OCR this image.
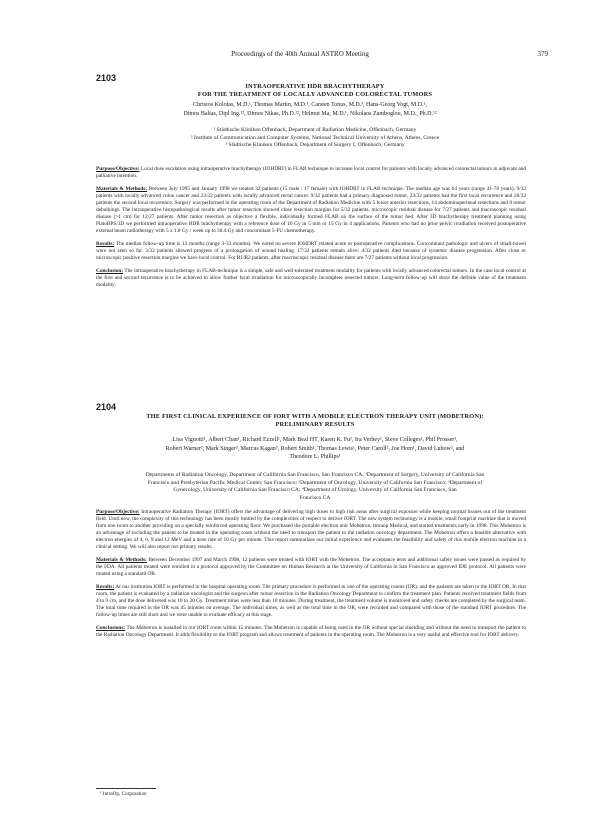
Proceedings of the 40th Annual ASTRO Meeting	379
2103
INTRAOPERATIVE HDR BRACHYTHERAPY
FOR THE TREATMENT OF LOCALLY ADVANCED COLORECTAL TUMORS
Christos Kolotas, M.D.¹, Thomas Martin, M.D.¹, Carsten Tonus, M.D.³, Hans-Georg Vogt, M.D.¹,
Dimos Baltas, Dipl Ing.¹², Dimos Nikas, Ph.D.¹², Helmut Ma, M.D.¹, Nikolaos Zamboglou, M.D., Ph.D.¹²
¹ Städtische Kliniken Offenbach, Department of Radiation Medicine, Offenbach, Germany
² Institute of Communication and Computer Systems, National Technical University of Athens, Athens, Greece
³ Städtische Kliniken Offenbach, Department of Surgery I, Offenbach, Germany

Purpose/Objective: Local dose escalation using intraoperative brachytherapy (IOHDRT) in FLAB technique to increase local control for patients with locally advanced colorectal tumors in adjuvant and palliative intention.

Materials & Methods: Between July 1995 and January 1998 we treated 32 patients (15 male / 17 female) with IOHDRT in FLAB technique. The median age was 64 years (range 41-78 years). 9/32 patients with locally advanced colon cancer and 23/32 patients with locally advanced rectal cancer. 9/32 patients had a primary diagnosed tumor, 23/32 patients had the first local recurrence and 20/32 patients the second local recurrence. Surgery was performed in the operating room of the Department of Radiation Medicine with 5 lower anterior resections, 14 abdominoperineal resections and 8 tumor debulkings. The intraoperative histopathological results after tumor resection showed close resection margins for 5/32 patients, microscopic residual disease for 7/27 patients and macroscopic residual disease (>1 cm) for 12/27 patients. After tumor resection as objective a flexible, individually formed FLAB on the surface of the tumor bed. After 3D brachytherapy treatment planning using PlatoBPS/3D we performed intraoperative HDR brachytherapy with a reference dose of 10 Gy in 5 mm or 15 Gy in 4 applications. Patients who had no prior pelvic irradiation received postoperative external beam radiotherapy with 5 x 1.8 Gy / week up to 30.4 Gy and concomitant 5-FU chemotherapy.

Results: The median follow-up time is 12 months (range 3-33 months). We noted no severe IOHDRT related acute or postoperative complications. Concomitant pathologic and ulcers of small-bowel were not seen so far. 3/32 patients showed progress of a prolongation of wound healing. 17/32 patients remain alive: 4/32 patients died because of systemic disease progression. After close or microscopic positive resection margins we have local control. For R1/R2 patients, after macroscopic residual disease there are 7/27 patients without local progression.

Conclusion: The intraoperative brachytherapy in FLAB-technique is a simple, safe and well-tolerated treatment modality for patients with locally advanced colorectal tumors. In the case local control at the first and second recurrence is to be achieved to allow further local irradiation for microscopically incomplete resected tumors. Long-term follow-up will show the definite value of the treatment modality.

2104
THE FIRST CLINICAL EXPERIENCE OF IORT WITH A MOBILE ELECTRON THERAPY UNIT (MOBETRON):
PRELIMINARY RESULTS
Lisa Vignotti¹, Albert Chan¹, Richard Ezzell¹, Mark Beal HT, Karen K. Fu¹, Ira Verhey¹, Steve Colleges¹, Phil Prosser¹,
Robert Warner², Mark Singer³, Marcus Kagan³, Robert Smith¹, Thomas Lewis¹, Peter Caroll², Joe Hom¹, David Lubow², and
Theodore L. Phillips¹
Departments of Radiation Oncology, Department of California San Francisco, San Francisco CA; ¹Department of Surgery, University of California San
Francisco and Presbyterian Pacific Medical Center, San Francisco; ²Department of Oncology, University of California San Francisco; ³Department of
Gynecology, University of California San Francisco CA; ⁴Department of Urology, University of California San Francisco, San
Francisco CA

Purpose/Objective: Intraoperative Radiation Therapy (IORT) offers the advantage of delivering high doses to high risk areas after surgical exposure while keeping normal tissues out of the treatment field. Until now, the complexity of this technology has been mostly limited by the complexities of respect to deliver IORT. The new system technology is a mobile, small footprint machine that is moved from one room to another providing on a specially reinforced operating floor. We purchased the portable electron unit Mobetron, Intraop Medical, and started treatments early in 1998. This Mobetron is an advantage of including the patient to be treated in the operating room without the need to transport the patient to the radiation oncology department. The Mobetron offers a feasible alternative with electron energies of 4, 6, 9 and 12 MeV and a dose rate of 10 Gy per minute. This report summarizes our initial experience and evaluates the feasibility and safety of this mobile electron machine in a clinical setting. We will also report our primary results.

Materials & Methods: Between December 1997 and March 1998, 12 patients were treated with IORT with the Mobetron. The acceptance tests and additional safety issues were passed as required by the FDA. All patients treated were enrolled in a protocol approved by the Committee on Human Research at the University of California in San Francisco as approved IDE protocol. All patients were treated using a standard OR.

Results: At our institution IORT is performed in the hospital operating room. The primary procedure is performed in one of the operating rooms (OR), and the patients are taken to the IORT OR. In that room, the patient is evaluated by a radiation oncologist and the surgeon after tumor resection in the Radiation Oncology Department to confirm the treatment plan. Patients received treatment fields from 4 to 9 cm, and the dose delivered was 10 to 20 Gy. Treatment times were less than 10 minutes. During treatment, the treatment volume is monitored and safety checks are completed by the surgical team. The total time required in the OR was 45 minutes on average. The individual times, as well as the total time in the OR, were recorded and compared with those of the standard IORT procedure. The follow-up times are still short and we were unable to evaluate efficacy at this stage.

Conclusions: The Mobetron is installed in our IORT room within 15 minutes. The Mobetron is capable of being used in the OR without special shielding and without the need to transport the patient to the Radiation Oncology Department. It adds flexibility to the IORT program and allows treatment of patients in the operating room. The Mobetron is a very useful and effective tool for IORT delivery.

¹ IntraOp, Corporation
